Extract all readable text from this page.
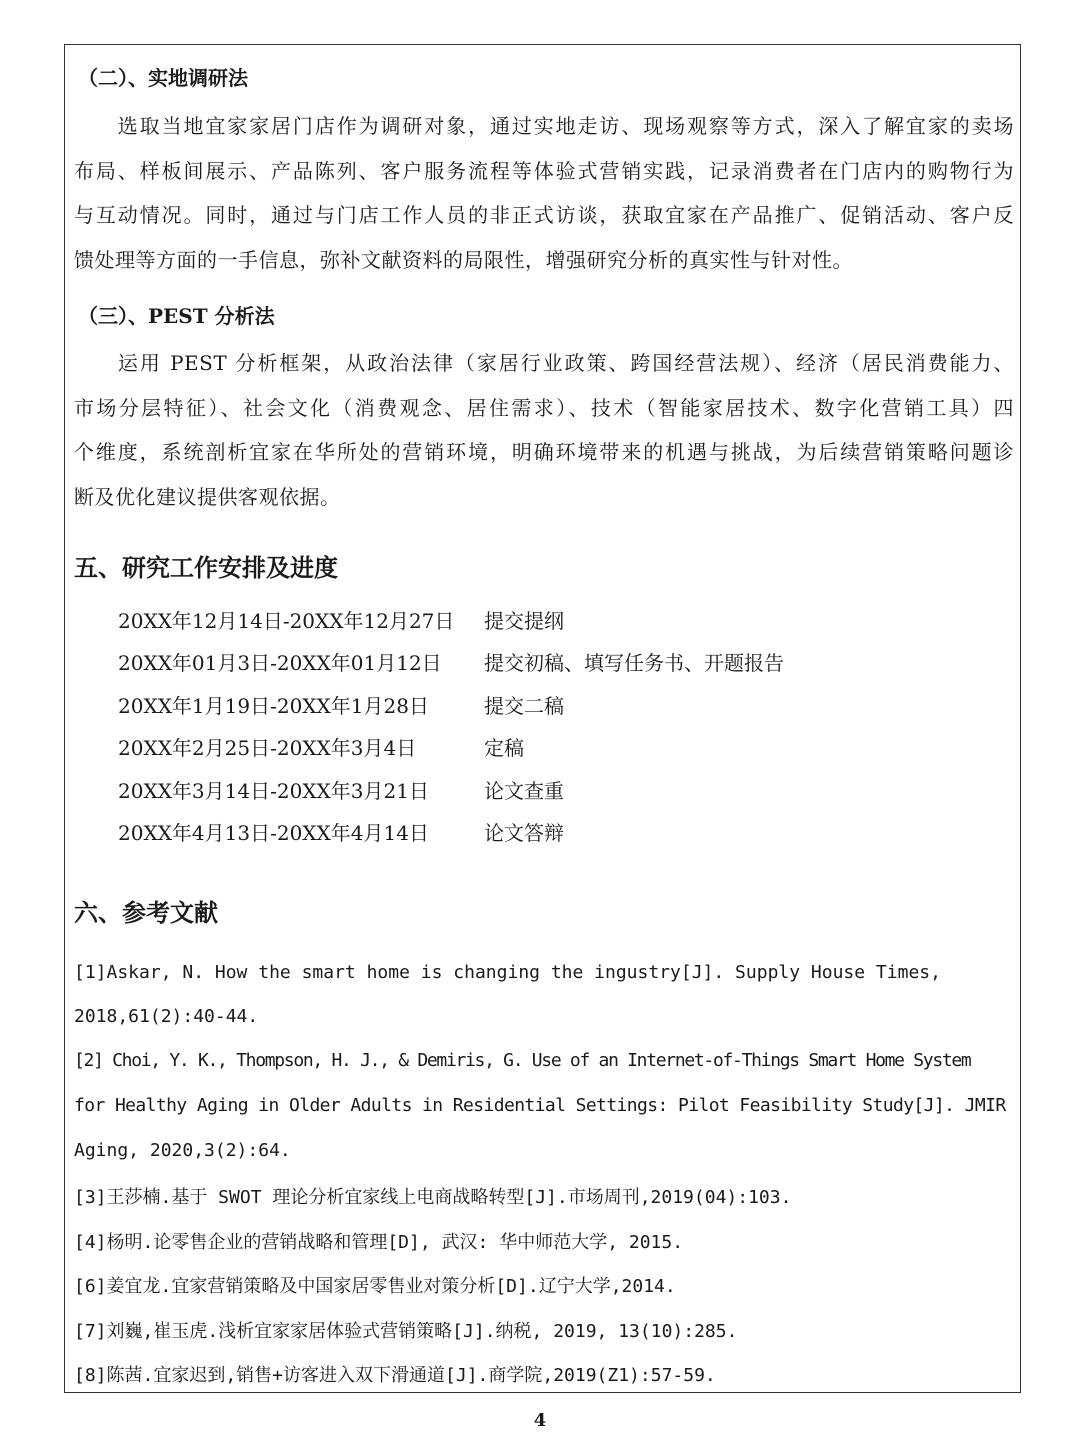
（二）、实地调研法
　　选取当地宜家家居门店作为调研对象，通过实地走访、现场观察等方式，深入了解宜家的卖场
布局、样板间展示、产品陈列、客户服务流程等体验式营销实践，记录消费者在门店内的购物行为
与互动情况。同时，通过与门店工作人员的非正式访谈，获取宜家在产品推广、促销活动、客户反
馈处理等方面的一手信息，弥补文献资料的局限性，增强研究分析的真实性与针对性。
（三）、PEST 分析法
　　运用 PEST 分析框架，从政治法律（家居行业政策、跨国经营法规）、经济（居民消费能力、
市场分层特征）、社会文化（消费观念、居住需求）、技术（智能家居技术、数字化营销工具）四
个维度，系统剖析宜家在华所处的营销环境，明确环境带来的机遇与挑战，为后续营销策略问题诊
断及优化建议提供客观依据。
五、研究工作安排及进度
20XX年12月14日-20XX年12月27日 提交提纲
20XX年01月3日-20XX年01月12日 提交初稿、填写任务书、开题报告
20XX年1月19日-20XX年1月28日	提交二稿
20XX年2月25日-20XX年3月4日	定稿
20XX年3月14日-20XX年3月21日	论文查重
20XX年4月13日-20XX年4月14日	论文答辩
六、参考文献
[1]Askar, N. How the smart home is changing the ingustry[J]. Supply House Times,
2018,61(2):40-44.
[2] Choi, Y. K., Thompson, H. J., & Demiris, G. Use of an Internet-of-Things Smart Home System
for Healthy Aging in Older Adults in Residential Settings: Pilot Feasibility Study[J]. JMIR
Aging, 2020,3(2):64.
[3]王莎楠.基于 SWOT 理论分析宜家线上电商战略转型[J].市场周刊,2019(04):103.
[4]杨明.论零售企业的营销战略和管理[D], 武汉: 华中师范大学, 2015.
[6]姜宜龙.宜家营销策略及中国家居零售业对策分析[D].辽宁大学,2014.
[7]刘巍,崔玉虎.浅析宜家家居体验式营销策略[J].纳税, 2019, 13(10):285.
[8]陈茜.宜家迟到,销售+访客进入双下滑通道[J].商学院,2019(Z1):57-59.
4
